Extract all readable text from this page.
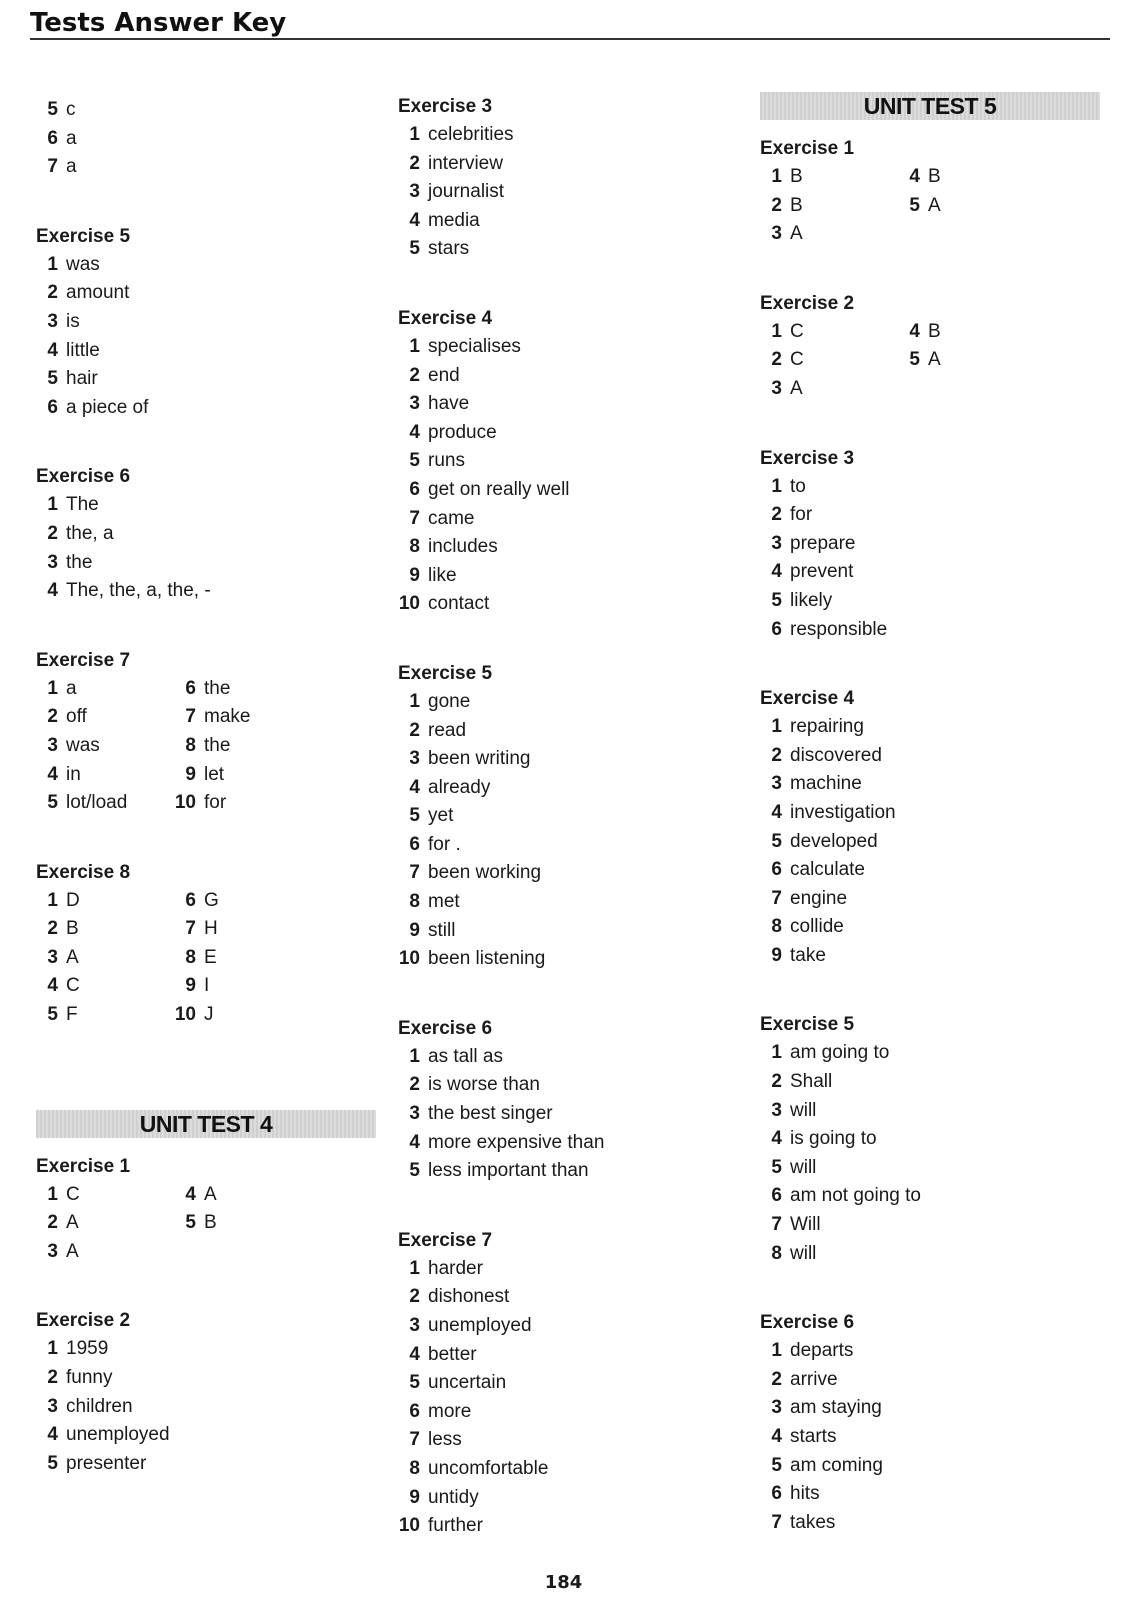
Tests Answer Key
5 c
6 a
7 a
Exercise 5
1 was
2 amount
3 is
4 little
5 hair
6 a piece of
Exercise 6
1 The
2 the, a
3 the
4 The, the, a, the, -
Exercise 7
1 a	6 the
2 off	7 make
3 was	8 the
4 in	9 let
5 lot/load	10 for
Exercise 8
1 D	6 G
2 B	7 H
3 A	8 E
4 C	9 I
5 F	10 J
UNIT TEST 4
Exercise 1
1 C	4 A
2 A	5 B
3 A
Exercise 2
1 1959
2 funny
3 children
4 unemployed
5 presenter
Exercise 3
1 celebrities
2 interview
3 journalist
4 media
5 stars
Exercise 4
1 specialises
2 end
3 have
4 produce
5 runs
6 get on really well
7 came
8 includes
9 like
10 contact
Exercise 5
1 gone
2 read
3 been writing
4 already
5 yet
6 for .
7 been working
8 met
9 still
10 been listening
Exercise 6
1 as tall as
2 is worse than
3 the best singer
4 more expensive than
5 less important than
Exercise 7
1 harder
2 dishonest
3 unemployed
4 better
5 uncertain
6 more
7 less
8 uncomfortable
9 untidy
10 further
UNIT TEST 5
Exercise 1
1 B	4 B
2 B	5 A
3 A
Exercise 2
1 C	4 B
2 C	5 A
3 A
Exercise 3
1 to
2 for
3 prepare
4 prevent
5 likely
6 responsible
Exercise 4
1 repairing
2 discovered
3 machine
4 investigation
5 developed
6 calculate
7 engine
8 collide
9 take
Exercise 5
1 am going to
2 Shall
3 will
4 is going to
5 will
6 am not going to
7 Will
8 will
Exercise 6
1 departs
2 arrive
3 am staying
4 starts
5 am coming
6 hits
7 takes
184
